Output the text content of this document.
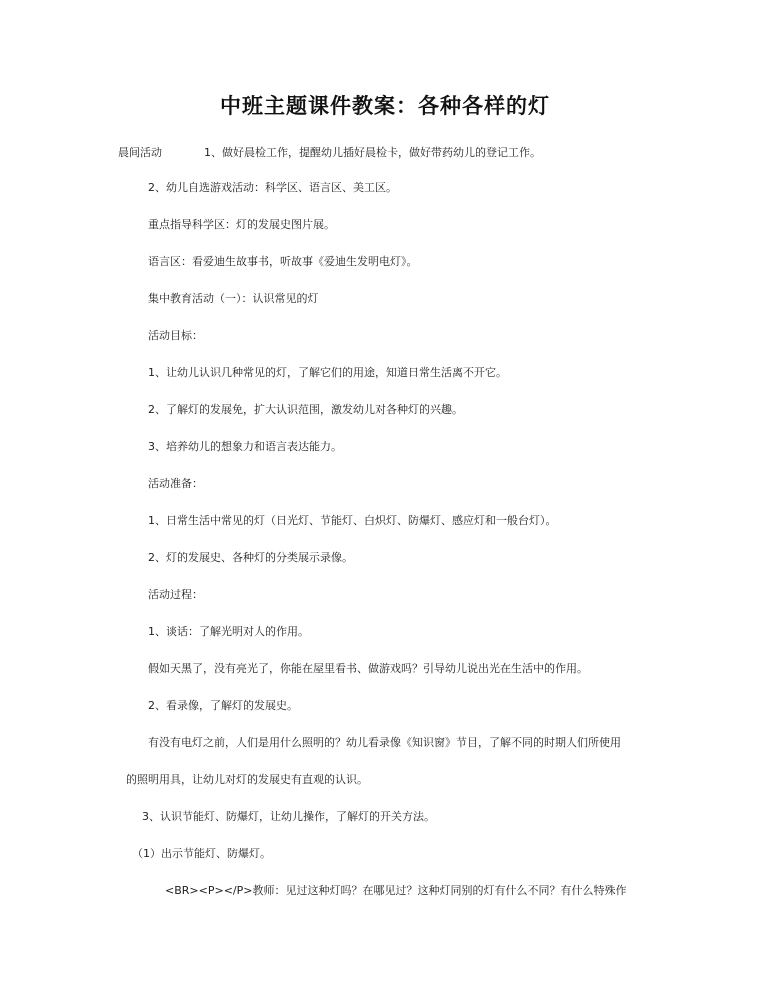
中班主题课件教案：各种各样的灯
晨间活动	1、做好晨检工作，提醒幼儿插好晨检卡，做好带药幼儿的登记工作。
2、幼儿自选游戏活动：科学区、语言区、美工区。
重点指导科学区：灯的发展史图片展。
语言区：看爱迪生故事书，听故事《爱迪生发明电灯》。
集中教育活动（一）：认识常见的灯
活动目标：
1、让幼儿认识几种常见的灯，了解它们的用途，知道日常生活离不开它。
2、了解灯的发展免，扩大认识范围，激发幼儿对各种灯的兴趣。
3、培养幼儿的想象力和语言表达能力。
活动准备：
1、日常生活中常见的灯（日光灯、节能灯、白炽灯、防爆灯、感应灯和一般台灯）。
2、灯的发展史、各种灯的分类展示录像。
活动过程：
1、谈话：了解光明对人的作用。
假如天黑了，没有亮光了，你能在屋里看书、做游戏吗？引导幼儿说出光在生活中的作用。
2、看录像，了解灯的发展史。
有没有电灯之前，人们是用什么照明的？幼儿看录像《知识窗》节目，了解不同的时期人们所使用
的照明用具，让幼儿对灯的发展史有直观的认识。
3、认识节能灯、防爆灯，让幼儿操作，了解灯的开关方法。
（1）出示节能灯、防爆灯。
<BR><P></P>教师：见过这种灯吗？在哪见过？这种灯同别的灯有什么不同？有什么特殊作
